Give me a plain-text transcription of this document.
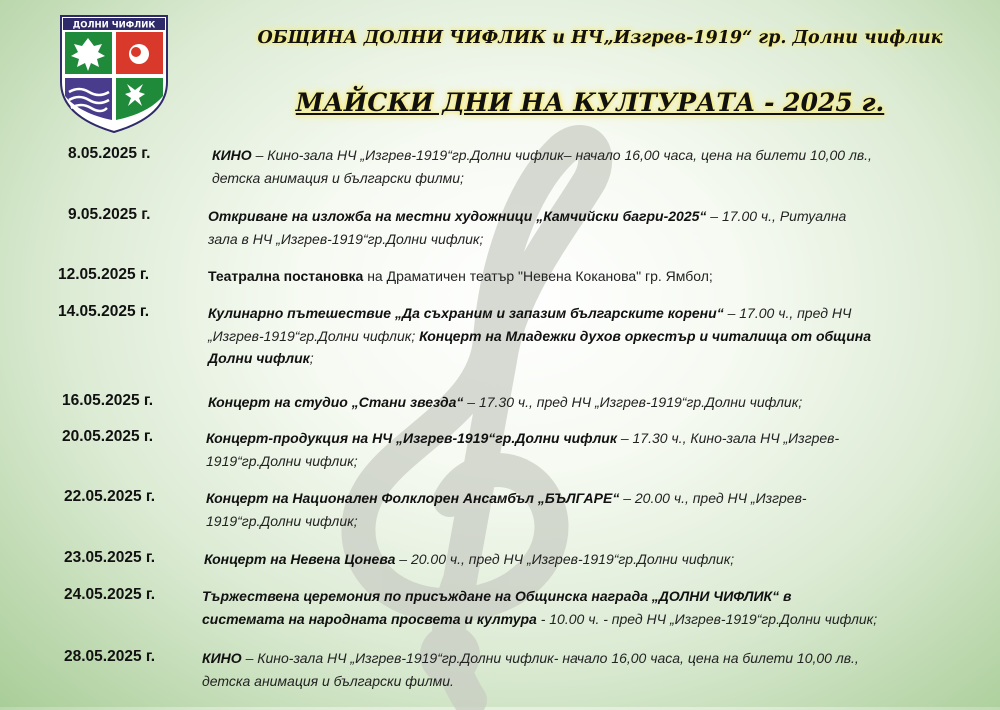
ДОЛНИ ЧИФЛИК
ОБЩИНА ДОЛНИ ЧИФЛИК и НЧ„Изгрев-1919“ гр. Долни чифлик
МАЙСКИ ДНИ НА КУЛТУРАТА - 2025 г.
8.05.2025 г.	КИНО – Кино-зала НЧ „Изгрев-1919“гр.Долни чифлик– начало 16,00 часа, цена на билети 10,00 лв.,
детска анимация и български филми;
9.05.2025 г.	Откриване на изложба на местни художници „Камчийски багри-2025“ – 17.00 ч., Ритуална
зала в НЧ „Изгрев-1919“гр.Долни чифлик;
12.05.2025 г.	Театрална постановка на Драматичен театър "Невена Коканова" гр. Ямбол;
14.05.2025 г.	Кулинарно пътешествие „Да съхраним и запазим българските корени“ – 17.00 ч., пред НЧ
„Изгрев-1919“гр.Долни чифлик; Концерт на Младежки духов оркестър и читалища от община
Долни чифлик;
16.05.2025 г.	Концерт на студио „Стани звезда“ – 17.30 ч., пред НЧ „Изгрев-1919“гр.Долни чифлик;
20.05.2025 г.	Концерт-продукция на НЧ „Изгрев-1919“гр.Долни чифлик – 17.30 ч., Кино-зала НЧ „Изгрев-
1919“гр.Долни чифлик;
22.05.2025 г.	Концерт на Национален Фолклорен Ансамбъл „БЪЛГАРЕ“ – 20.00 ч., пред НЧ „Изгрев-
1919“гр.Долни чифлик;
23.05.2025 г.	Концерт на Невена Цонева – 20.00 ч., пред НЧ „Изгрев-1919“гр.Долни чифлик;
24.05.2025 г.	Тържествена церемония по присъждане на Общинска награда „ДОЛНИ ЧИФЛИК“ в
системата на народната просвета и култура - 10.00 ч. - пред НЧ „Изгрев-1919“гр.Долни чифлик;
28.05.2025 г.	КИНО – Кино-зала НЧ „Изгрев-1919“гр.Долни чифлик- начало 16,00 часа, цена на билети 10,00 лв.,
детска анимация и български филми.
